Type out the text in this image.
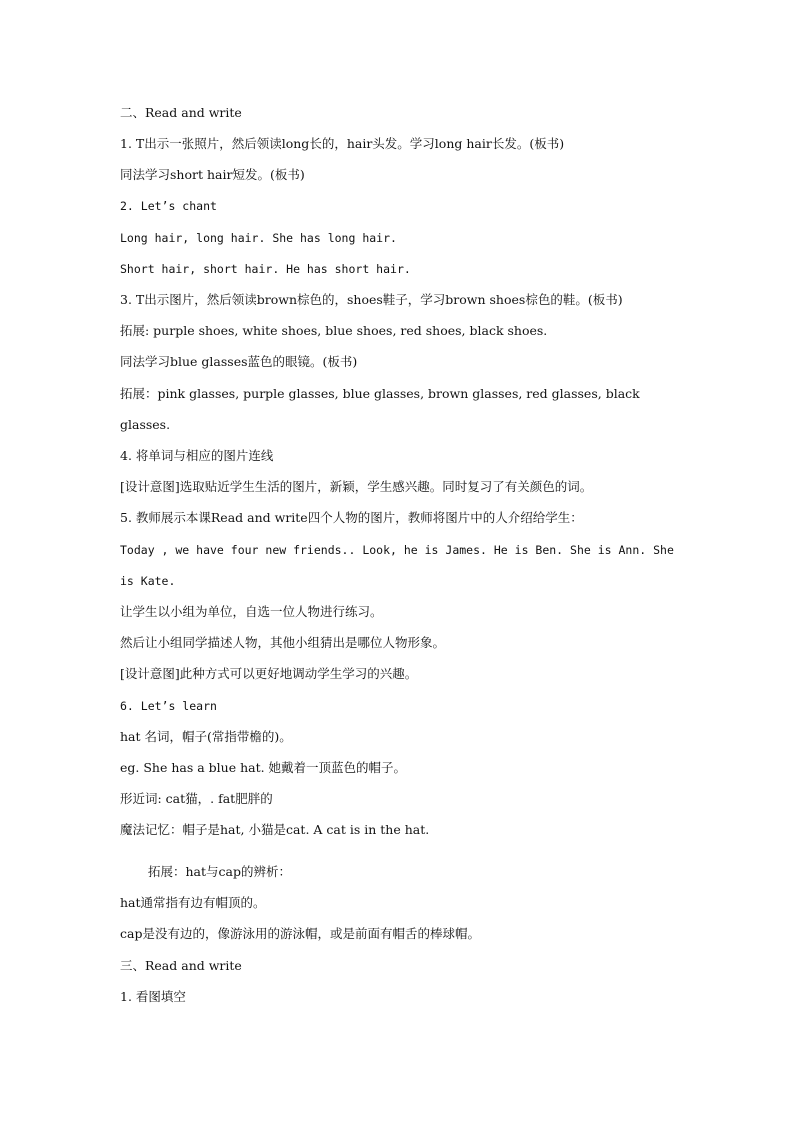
二、Read and write
1. T出示一张照片，然后领读long长的，hair头发。学习long hair长发。(板书)
同法学习short hair短发。(板书)
2. Let’s chant
Long hair, long hair. She has long hair.
Short hair, short hair. He has short hair.
3. T出示图片，然后领读brown棕色的，shoes鞋子，学习brown shoes棕色的鞋。(板书)
拓展: purple shoes, white shoes, blue shoes, red shoes, black shoes.
同法学习blue glasses蓝色的眼镜。(板书)
拓展：pink glasses, purple glasses, blue glasses, brown glasses, red glasses, black
glasses.
4. 将单词与相应的图片连线
[设计意图]选取贴近学生生活的图片，新颖，学生感兴趣。同时复习了有关颜色的词。
5. 教师展示本课Read and write四个人物的图片，教师将图片中的人介绍给学生：
Today , we have four new friends.. Look, he is James. He is Ben. She is Ann. She
is Kate.
让学生以小组为单位，自选一位人物进行练习。
然后让小组同学描述人物，其他小组猜出是哪位人物形象。
[设计意图]此种方式可以更好地调动学生学习的兴趣。
6. Let’s learn
hat 名词，帽子(常指带檐的)。
eg. She has a blue hat. 她戴着一顶蓝色的帽子。
形近词: cat猫，. fat肥胖的
魔法记忆：帽子是hat, 小猫是cat. A cat is in the hat.
拓展：hat与cap的辨析：
hat通常指有边有帽顶的。
cap是没有边的，像游泳用的游泳帽，或是前面有帽舌的棒球帽。
三、Read and write
1. 看图填空
